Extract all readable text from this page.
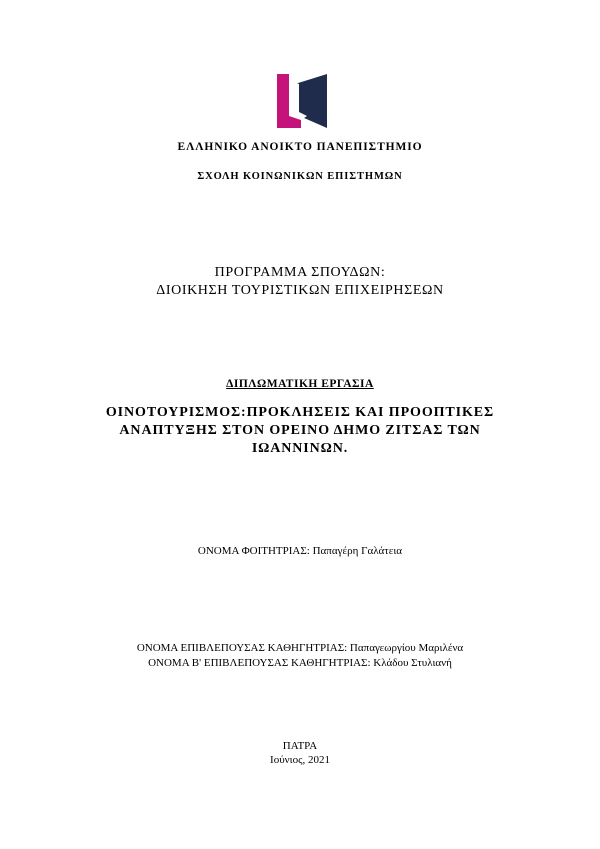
ΕΛΛΗΝΙΚΟ ΑΝΟΙΚΤΟ ΠΑΝΕΠΙΣΤΗΜΙΟ
ΣΧΟΛΗ ΚΟΙΝΩΝΙΚΩΝ ΕΠΙΣΤΗΜΩΝ
ΠΡΟΓΡΑΜΜΑ ΣΠΟΥΔΩΝ:
ΔΙΟΙΚΗΣΗ ΤΟΥΡΙΣΤΙΚΩΝ ΕΠΙΧΕΙΡΗΣΕΩΝ
ΔΙΠΛΩΜΑΤΙΚΗ ΕΡΓΑΣΙΑ
ΟΙΝΟΤΟΥΡΙΣΜΟΣ:ΠΡΟΚΛΗΣΕΙΣ ΚΑΙ ΠΡΟΟΠΤΙΚΕΣ
ΑΝΑΠΤΥΞΗΣ ΣΤΟΝ ΟΡΕΙΝΟ ΔΗΜΟ ΖΙΤΣΑΣ ΤΩΝ
ΙΩΑΝΝΙΝΩΝ.
ΟΝΟΜΑ ΦΟΙΤΗΤΡΙΑΣ: Παπαγέρη Γαλάτεια
ΟΝΟΜΑ ΕΠΙΒΛΕΠΟΥΣΑΣ ΚΑΘΗΓΗΤΡΙΑΣ: Παπαγεωργίου Μαριλένα
ΟΝΟΜΑ Β' ΕΠΙΒΛΕΠΟΥΣΑΣ ΚΑΘΗΓΗΤΡΙΑΣ: Κλάδου Στυλιανή
ΠΑΤΡΑ
Ιούνιος, 2021
